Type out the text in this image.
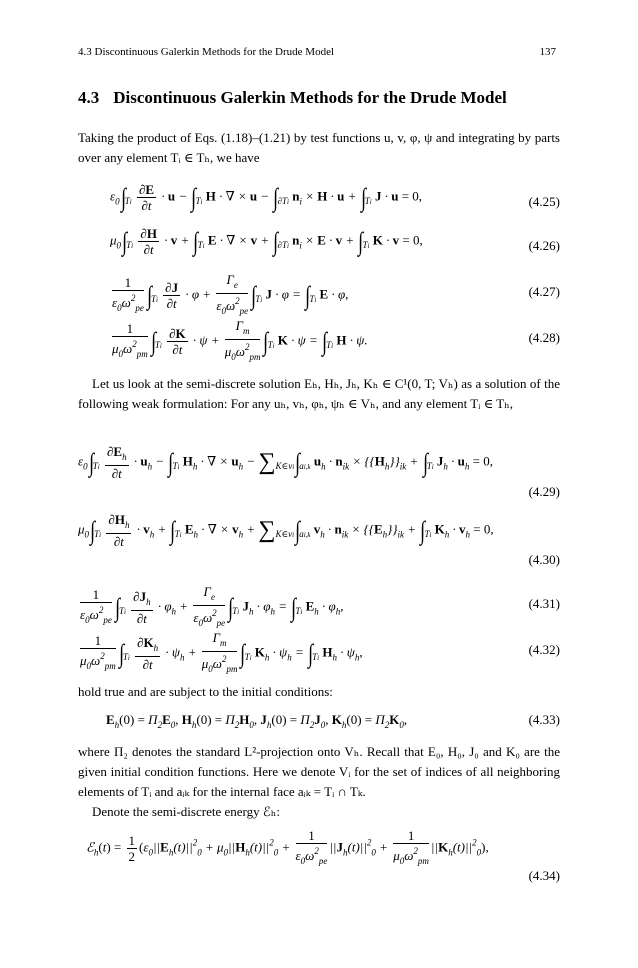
4.3 Discontinuous Galerkin Methods for the Drude Model	137
4.3 Discontinuous Galerkin Methods for the Drude Model
Taking the product of Eqs. (1.18)–(1.21) by test functions u, v, φ, ψ and integrating by parts over any element Tᵢ ∈ Tₕ, we have
$\varepsilon_0\int_{Ti} \frac{\partial E}{\partial t} \cdot u - \int_{Ti}$ H · ∇ × $u - \int_{\partial Ti}$ $n_i \times H \cdot u + \int_{Ti}$ J · u = 0,	(4.25)
$\mu_0\int_{Ti} \frac{\partial H}{\partial t} \cdot v + \int_{Ti}$ E · ∇ × $v + \int_{\partial Ti}$ $n_i \times E \cdot v + \int_{Ti}$ K · v = 0,	(4.26)
$\frac{1}{\varepsilon_0\omega^2_{pe}} \int_{Ti} \frac{\partial J}{\partial t} \cdot \varphi + \frac{\Gamma_e}{\varepsilon_0\omega^2_{pe}} \int_{Ti}$ $J \cdot \varphi = \int_{Ti}$ E · φ,	(4.27)
$\frac{1}{\mu_0\omega^2_{pm}} \int_{Ti} \frac{\partial K}{\partial t} \cdot \psi + \frac{\Gamma_m}{\mu_0\omega^2_{pm}} \int_{Ti}$ $K \cdot \psi = \int_{Ti}$ H · ψ.	(4.28)
Let us look at the semi-discrete solution Eₕ, Hₕ, Jₕ, Kₕ ∈ C¹(0, T; Vₕ) as a solution of the following weak formulation: For any uₕ, vₕ, φₕ, ψₕ ∈ Vₕ, and any element Tᵢ ∈ Tₕ,
$\varepsilon_0\int_{Ti} \frac{\partial E_h}{\partial t} \cdot u_h - \int_{Ti}$ $H_h$ · ∇ × $u_h - \sum_{K\in\nu i}\int_{ai,k}$ $u_h \cdot n_{ik} \times \{\{H_h\}\}_{ik} + \int_{Ti}$ $J_h \cdot u_h = 0$,
(4.29)
$\mu_0\int_{Ti} \frac{\partial H_h}{\partial t} \cdot v_h + \int_{Ti}$ $E_h$ · ∇ × $v_h + \sum_{K\in\nu i}\int_{ai,k}$ $v_h \cdot n_{ik} \times \{\{E_h\}\}_{ik} + \int_{Ti}$ $K_h \cdot v_h = 0$,
(4.30)
$\frac{1}{\varepsilon_0\omega^2_{pe}} \int_{Ti} \frac{\partial J_h}{\partial t} \cdot \varphi_h + \frac{\Gamma_e}{\varepsilon_0\omega^2_{pe}} \int_{Ti}$ $J_h \cdot \varphi_h = \int_{Ti}$ $E_h \cdot \varphi_h$,	(4.31)
$\frac{1}{\mu_0\omega^2_{pm}} \int_{Ti} \frac{\partial K_h}{\partial t} \cdot \psi_h + \frac{\Gamma_m}{\mu_0\omega^2_{pm}} \int_{Ti}$ $K_h \cdot \psi_h = \int_{Ti}$ $H_h \cdot \psi_h$,	(4.32)
hold true and are subject to the initial conditions:
$E_h(0) = \Pi_2E_0$, $H_h(0) = \Pi_2H_0$, $J_h(0) = \Pi_2J_0$, $K_h(0) = \Pi_2K_0$,	(4.33)
where Π₂ denotes the standard L²-projection onto Vₕ. Recall that E₀, H₀, J₀ and K₀ are the given initial condition functions. Here we denote Vᵢ for the set of indices of all neighboring elements of Tᵢ and aᵢₖ for the internal face aᵢₖ = Tᵢ ∩ Tₖ.
Denote the semi-discrete energy ℰₕ:
ℰ$_h$(t) = $\frac{1}{2} (\varepsilon_0||E_h(t)||^2_0 + \mu_0||H_h(t)||^2_0 + \frac{1}{\varepsilon_0\omega^2_{pe}} ||J_h(t)||^2_0 + \frac{1}{\mu_0\omega^2_{pm}} ||K_h(t)||^2_0)$,
(4.34)
